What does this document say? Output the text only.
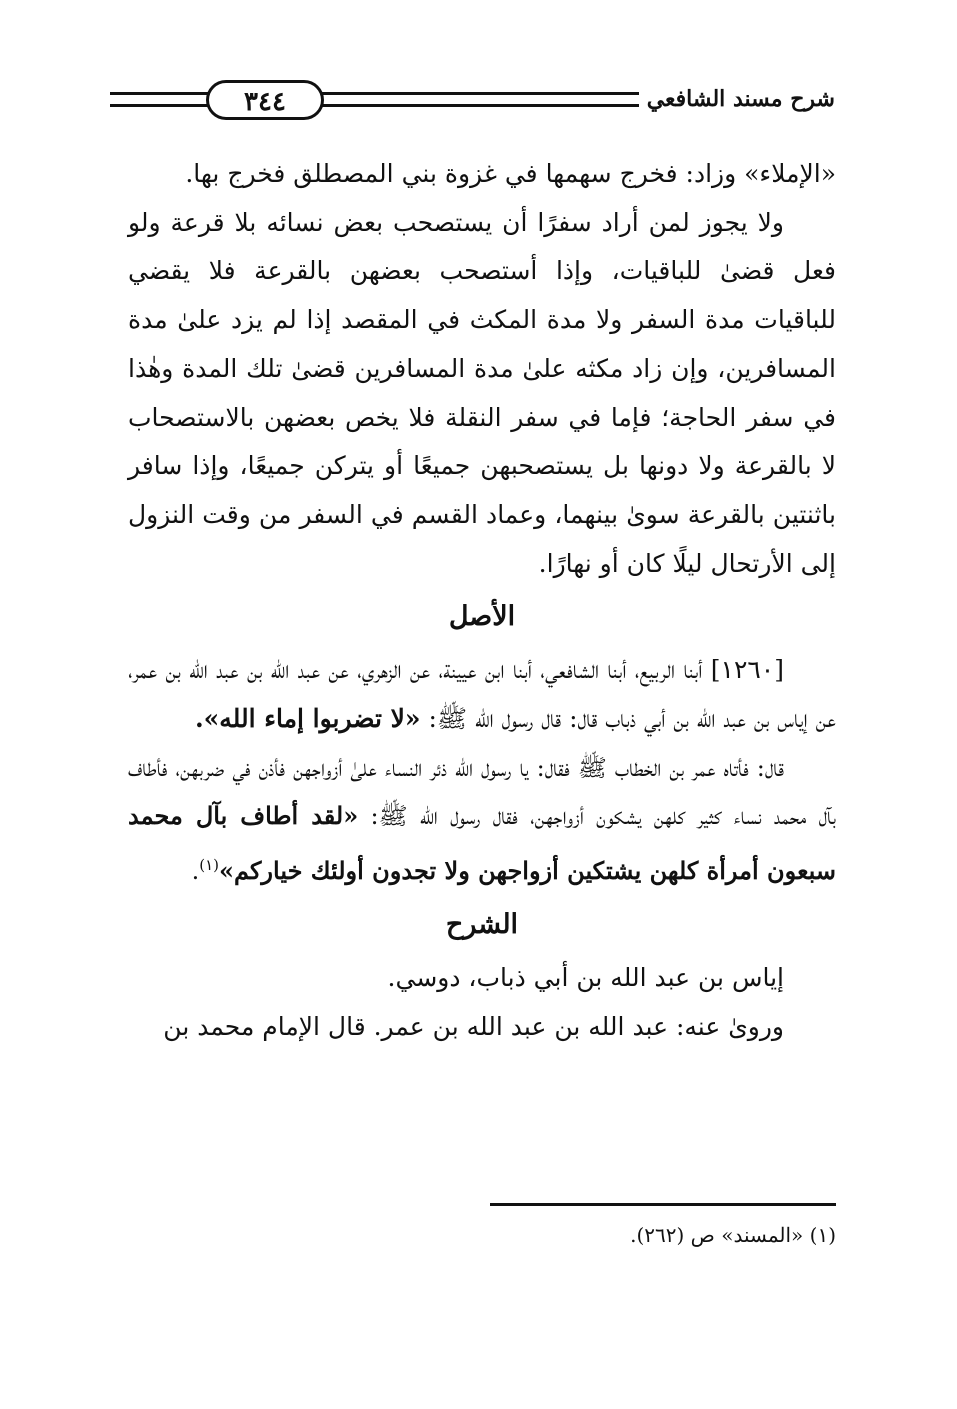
شرح مسند الشافعي
٣٤٤

«الإملاء» وزاد: فخرج سهمها في غزوة بني المصطلق فخرج بها.

ولا يجوز لمن أراد سفرًا أن يستصحب بعض نسائه بلا قرعة ولو فعل قضىٰ للباقيات، وإذا أستصحب بعضهن بالقرعة فلا يقضي للباقيات مدة السفر ولا مدة المكث في المقصد إذا لم يزد علىٰ مدة المسافرين، وإن زاد مكثه علىٰ مدة المسافرين قضىٰ تلك المدة وهٰذا في سفر الحاجة؛ فإما في سفر النقلة فلا يخص بعضهن بالاستصحاب لا بالقرعة ولا دونها بل يستصحبهن جميعًا أو يتركن جميعًا، وإذا سافر باثنتين بالقرعة سوىٰ بينهما، وعماد القسم في السفر من وقت النزول إلى الأرتحال ليلًا كان أو نهارًا.

الأصل

[١٢٦٠] أبنا الربيع، أبنا الشافعي، أبنا ابن عيينة، عن الزهري، عن عبد الله بن عبد الله بن عمر، عن إياس بن عبد الله بن أبي ذباب قال: قال رسول الله ﷺ: «لا تضربوا إماء الله».

قال: فأتاه عمر بن الخطاب ﷺ فقال: يا رسول الله ذئر النساء علىٰ أزواجهن فأذن في ضربهن، فأطاف بآل محمد نساء كثير كلهن يشكون أزواجهن، فقال رسول الله ﷺ: «لقد أطاف بآل محمد سبعون أمرأة كلهن يشتكين أزواجهن ولا تجدون أولئك خياركم»$^{(١)}$.

الشرح

إياس بن عبد الله بن أبي ذباب، دوسي.

وروىٰ عنه: عبد الله بن عبد الله بن عمر. قال الإمام محمد بن

(١) «المسند» ص (٢٦٢).
